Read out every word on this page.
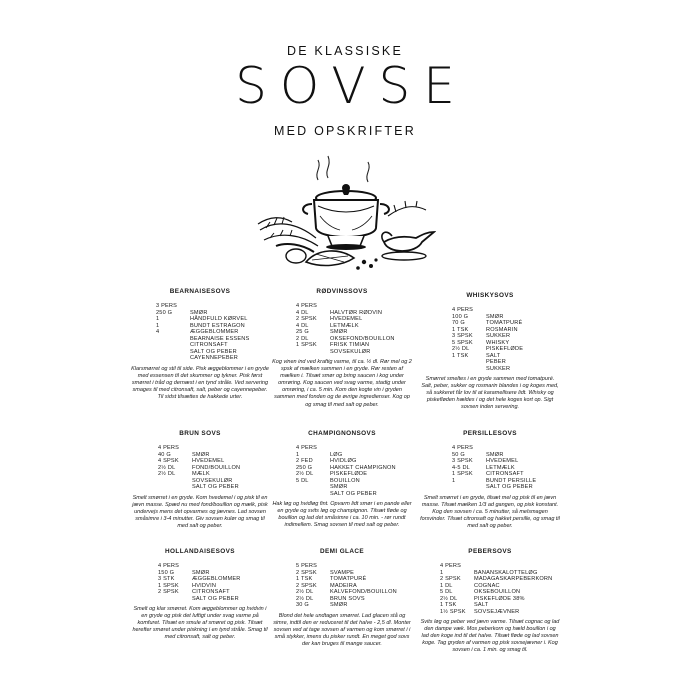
DE KLASSISKE
SOVSE
MED OPSKRIFTER
BEARNAISESOVS
3 PERS
250 G	SMØR
1	HÅNDFULD KØRVEL
1	BUNDT ESTRAGON
4	ÆGGEBLOMMER
BEARNAISE ESSENS
CITRONSAFT
SALT OG PEBER
CAYENNEPEBER
Klarsmørret og stil til side. Pisk æggeblommer i en gryde med essensen til det skummer og tykner. Pisk først smørret i tråd og dernæst i en tynd stråle. Ved servering smages til med citronsaft, salt, peber og cayennepeber. Til sidst tilsættes de hakkede urter.
RØDVINSSOVS
4 PERS
4 DL	HALVTØR RØDVIN
2 SPSK	HVEDEMEL
4 DL	LETMÆLK
25 G	SMØR
2 DL	OKSEFOND/BOUILLON
1 SPSK	FRISK TIMIAN
SOVSEKULØR
Kog vinen ind ved kraftig varme, til ca. ½ dl. Rør mel og 2 spsk af mælken sammen i en gryde. Rør resten af mælken i. Tilsæt smør og bring saucen i kog under omrøring. Kog saucen ved svag varme, stadig under omrøring, i ca. 5 min. Kom den kogte vin i gryden sammen med fonden og de øvrige ingredienser. Kog op og smag til med salt og peber.
WHISKYSOVS
4 PERS
100 G	SMØR
70 G	TOMATPURÉ
1 TSK	ROSMARIN
3 SPSK	SUKKER
5 SPSK	WHISKY
2½ DL	PISKEFLØDE
1 TSK	SALT
PEBER
SUKKER
Smørret smeltes i en gryde sammen med tomatpuré. Salt, peber, sukker og rosmarin blandes i og koges med, så sukkeret får lov til at karamellisere lidt. Whisky og piskefløden hældes i og det hele koges kort op. Sigt sovsen inden servering.
BRUN SOVS
4 PERS
40 G	SMØR
4 SPSK	HVEDEMEL
2½ DL	FOND/BOUILLON
2½ DL	MÆLK
SOVSEKULØR
SALT OG PEBER
Smelt smørret i en gryde. Kom hvedemel i og pisk til en jævn masse. Spæd nu med fond/bouillon og mælk, pisk undervejs mens det opvarmes og jævnes. Lad sovsen småsimre i 3-4 minutter. Giv sovsen kulør og smag til med salt og peber.
CHAMPIGNONSOVS
4 PERS
1	LØG
2 FED	HVIDLØG
250 G	HAKKET CHAMPIGNON
2½ DL	PISKEFLØDE
5 DL	BOUILLON
SMØR
SALT OG PEBER
Hak løg og hvidløg fint. Opvarm lidt smør i en pande eller en gryde og svits løg og champignon. Tilsæt fløde og bouillon og lad det småsimre i ca. 10 min. - rør rundt indimellem. Smag sovsen til med salt og peber.
PERSILLESOVS
4 PERS
50 G	SMØR
3 SPSK	HVEDEMEL
4-5 DL	LETMÆLK
1 SPSK	CITRONSAFT
1	BUNDT PERSILLE
SALT OG PEBER
Smelt smørret i en gryde, tilsæt mel og pisk til en jævn masse. Tilsæt mælken 1/3 ad gangen, og pisk konstant. Kog den sovsen i ca. 5 minutter, så melsmagen forsvinder. Tilsæt citronsaft og hakket persille, og smag til med salt og peber.
HOLLANDAISESOVS
4 PERS
150 G	SMØR
3 STK	ÆGGEBLOMMER
1 SPSK	HVIDVIN
2 SPSK	CITRONSAFT
SALT OG PEBER
Smelt og klar smørret. Kom æggeblommer og hvidvin i en gryde og pisk det luftigt under svag varme på komfuret. Tilsæt en smule af smøret og pisk. Tilsæt herefter smøret under piskning i en tynd stråle. Smag til med citronsaft, salt og peber.
DEMI GLACE
5 PERS
2 SPSK	SVAMPE
1 TSK	TOMATPURÉ
2 SPSK	MADEIRA
2½ DL	KALVEFOND/BOUILLON
2½ DL	BRUN SOVS
30 G	SMØR
Blond det hele undtagen smørret. Lad glacen stå og simre, indtil den er reduceret til det halve - 2,5 dl. Monter sovsen ved at tage sovsen af varmen og kom smørret i i små stykker, imens du pisker rundt. En meget god sovs der kan bruges til mange saucer.
PEBERSOVS
4 PERS
1	BANANSKALOTTELØG
2 SPSK	MADAGASKARPEBERKORN
1 DL	COGNAC
5 DL	OKSEBOUILLON
2½ DL	PISKEFLØDE 38%
1 TSK	SALT
1½ SPSK	SOVSEJÆVNER
Svits løg og peber ved jævn varme. Tilsæt cognac og lad den dampe væk. Mos peberkorn og hæld bouillon i og lad den koge ind til det halve. Tilsæt fløde og lad sovsen koge. Tag gryden af varmen og pisk sovsejævner i. Kog sovsen i ca. 1 min. og smag til.
